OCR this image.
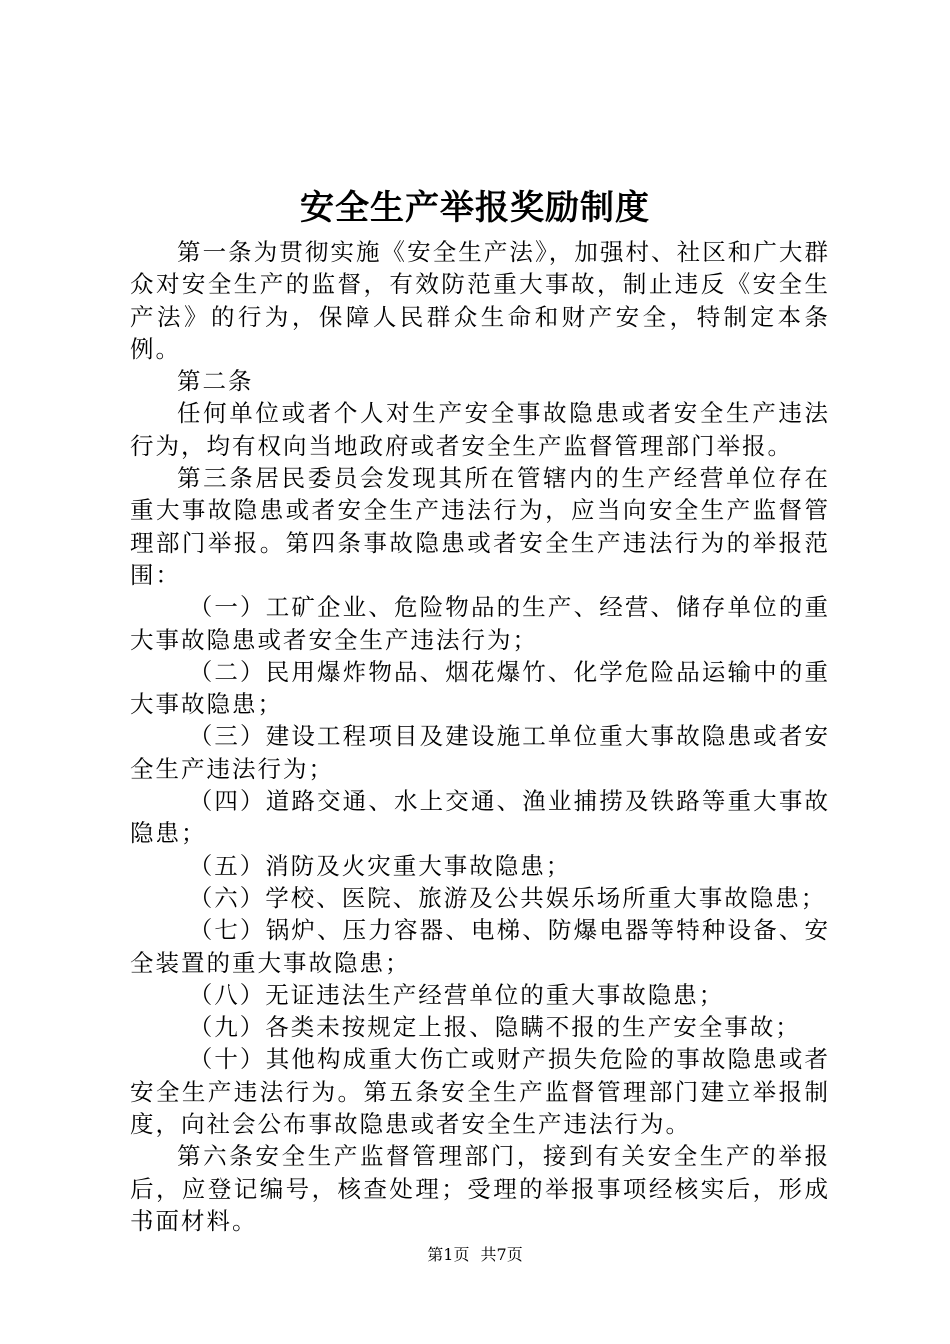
安全生产举报奖励制度

第一条为贯彻实施《安全生产法》，加强村、社区和广大群众对安全生产的监督，有效防范重大事故，制止违反《安全生产法》的行为，保障人民群众生命和财产安全，特制定本条例。

第二条

任何单位或者个人对生产安全事故隐患或者安全生产违法行为，均有权向当地政府或者安全生产监督管理部门举报。

第三条居民委员会发现其所在管辖内的生产经营单位存在重大事故隐患或者安全生产违法行为，应当向安全生产监督管理部门举报。第四条事故隐患或者安全生产违法行为的举报范围：

（一）工矿企业、危险物品的生产、经营、储存单位的重大事故隐患或者安全生产违法行为；

（二）民用爆炸物品、烟花爆竹、化学危险品运输中的重大事故隐患；

（三）建设工程项目及建设施工单位重大事故隐患或者安全生产违法行为；

（四）道路交通、水上交通、渔业捕捞及铁路等重大事故隐患；

（五）消防及火灾重大事故隐患；

（六）学校、医院、旅游及公共娱乐场所重大事故隐患；

（七）锅炉、压力容器、电梯、防爆电器等特种设备、安全装置的重大事故隐患；

（八）无证违法生产经营单位的重大事故隐患；

（九）各类未按规定上报、隐瞒不报的生产安全事故；

（十）其他构成重大伤亡或财产损失危险的事故隐患或者安全生产违法行为。第五条安全生产监督管理部门建立举报制度，向社会公布事故隐患或者安全生产违法行为。

第六条安全生产监督管理部门，接到有关安全生产的举报后，应登记编号，核查处理；受理的举报事项经核实后，形成书面材料。

第1页 共7页
